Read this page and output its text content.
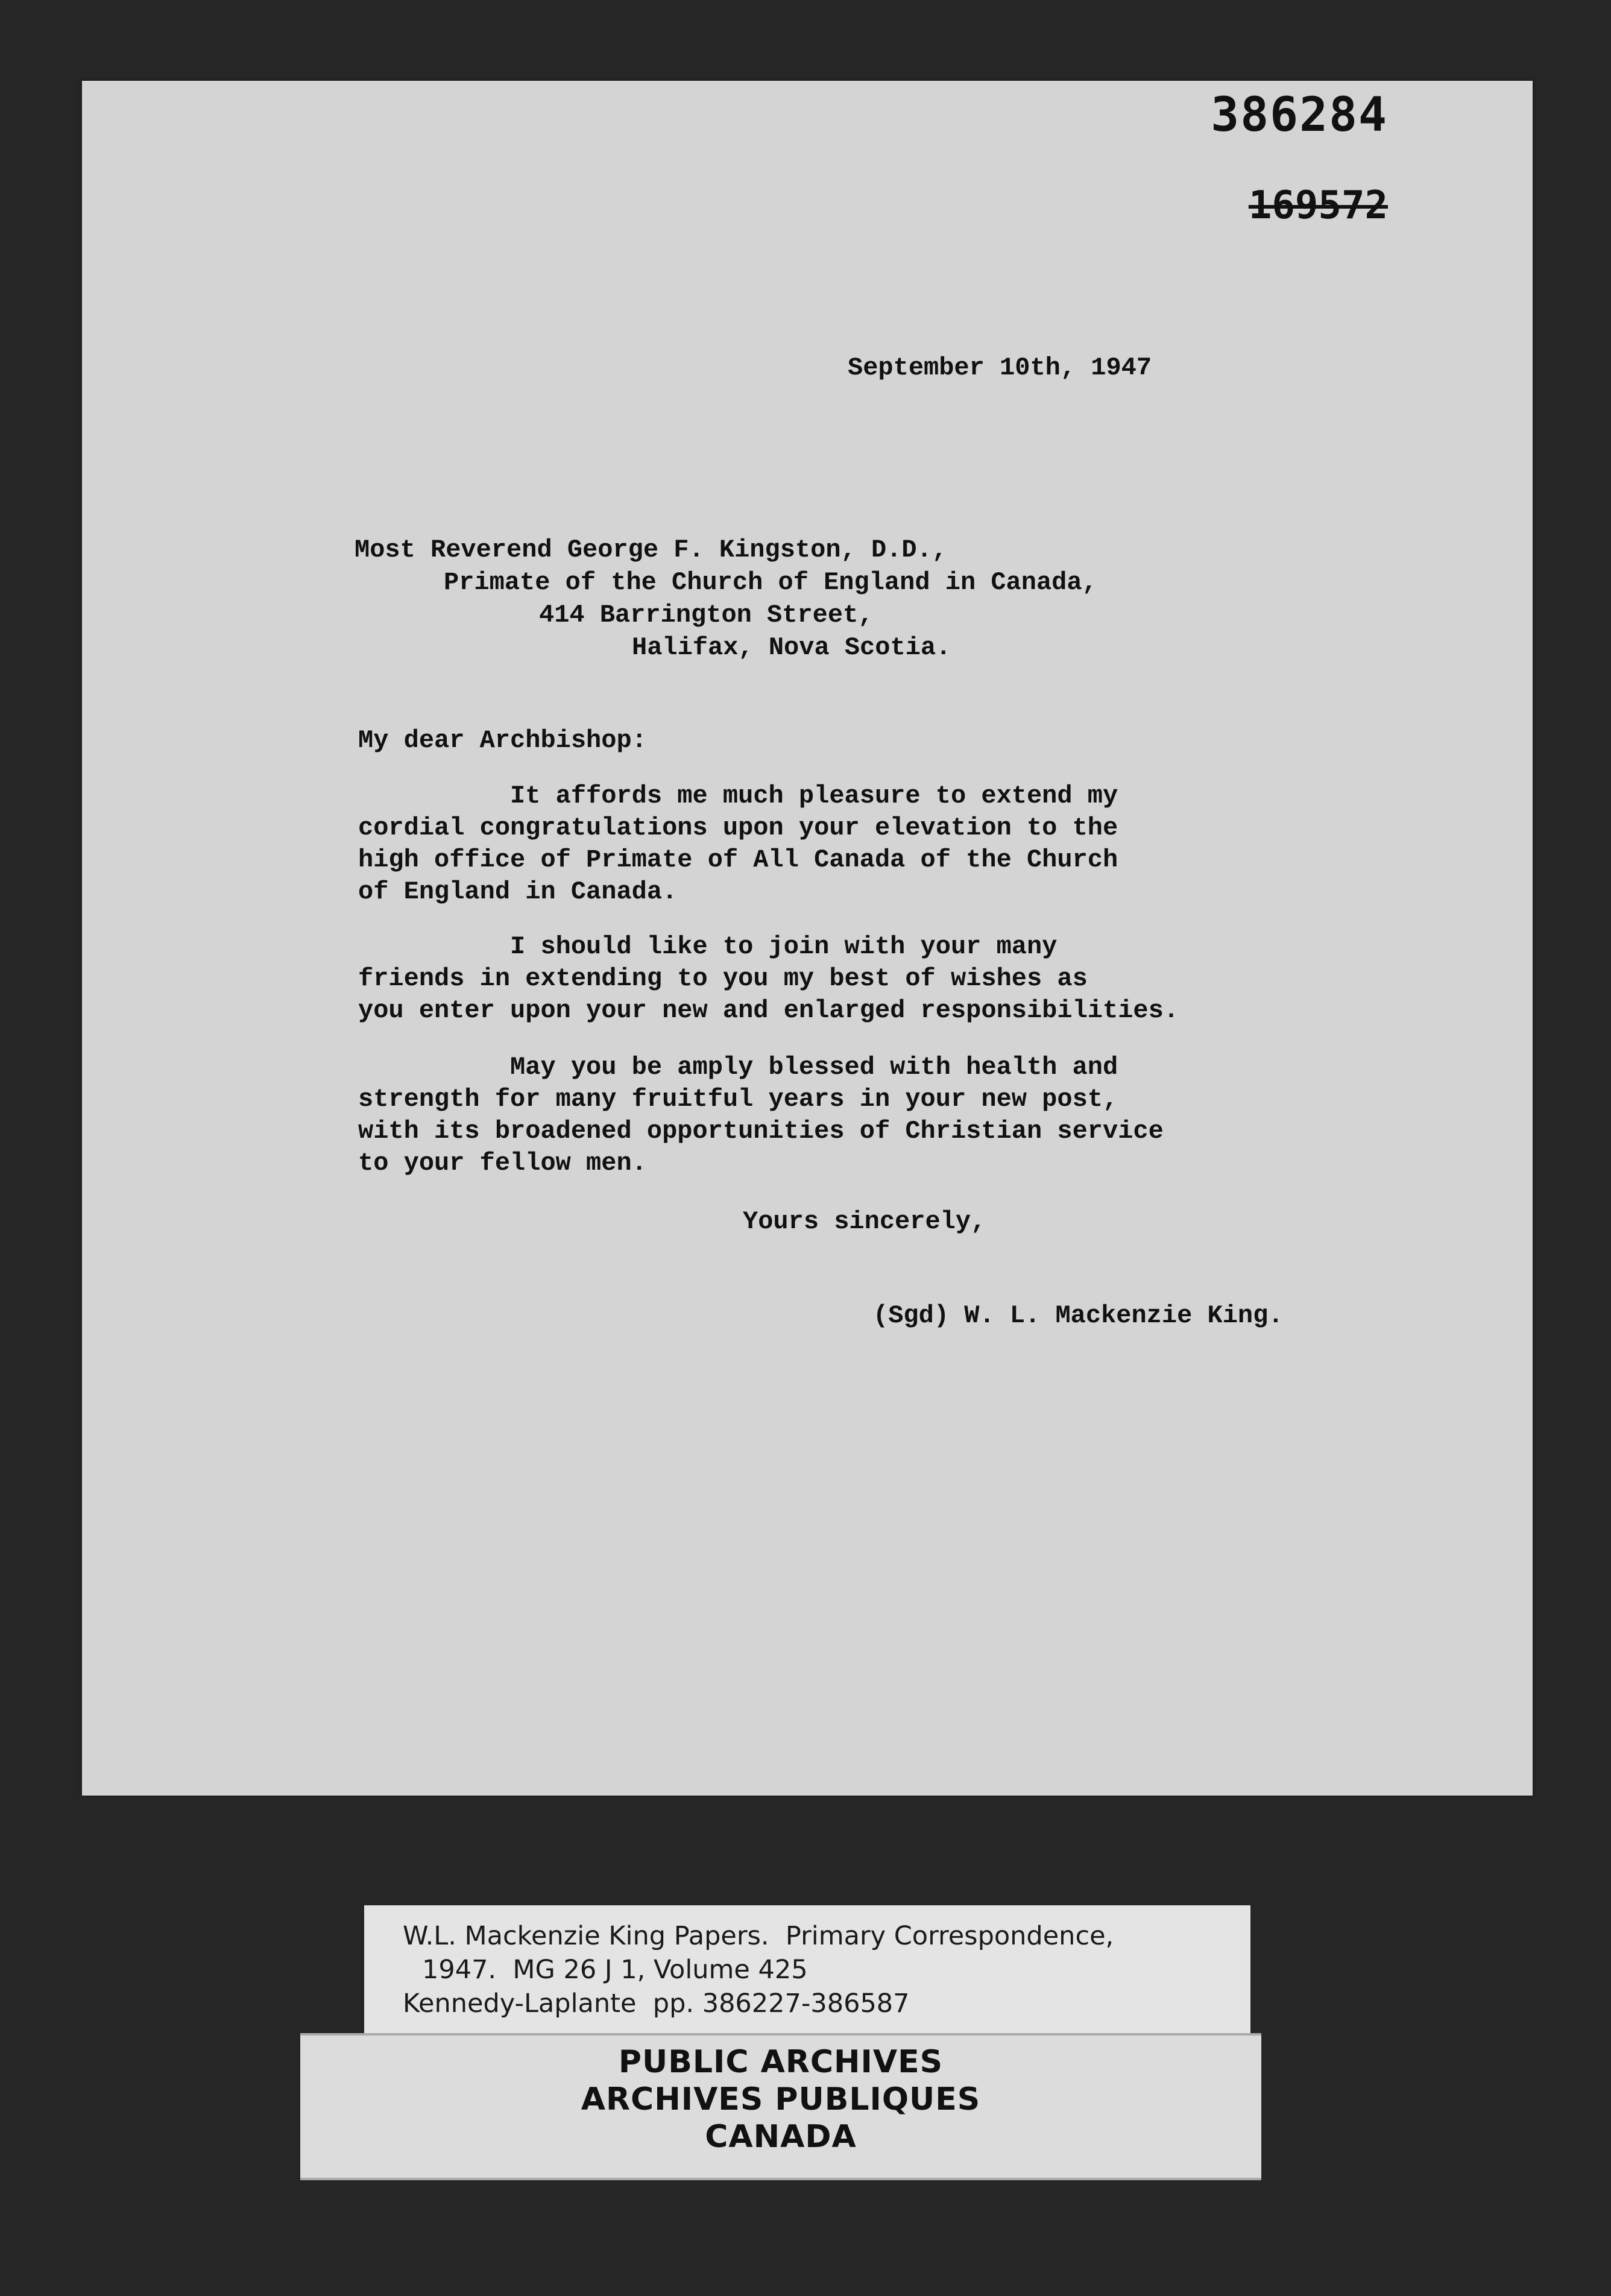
386284
169572
September 10th, 1947
Most Reverend George F. Kingston, D.D.,
Primate of the Church of England in Canada,
414 Barrington Street,
Halifax, Nova Scotia.
My dear Archbishop:
It affords me much pleasure to extend my
cordial congratulations upon your elevation to the
high office of Primate of All Canada of the Church
of England in Canada.
I should like to join with your many
friends in extending to you my best of wishes as
you enter upon your new and enlarged responsibilities.
May you be amply blessed with health and
strength for many fruitful years in your new post,
with its broadened opportunities of Christian service
to your fellow men.
Yours sincerely,
(Sgd) W. L. Mackenzie King.
W.L. Mackenzie King Papers.  Primary Correspondence,
1947.  MG 26 J 1, Volume 425
Kennedy-Laplante  pp. 386227-386587
PUBLIC ARCHIVES
ARCHIVES PUBLIQUES
CANADA
